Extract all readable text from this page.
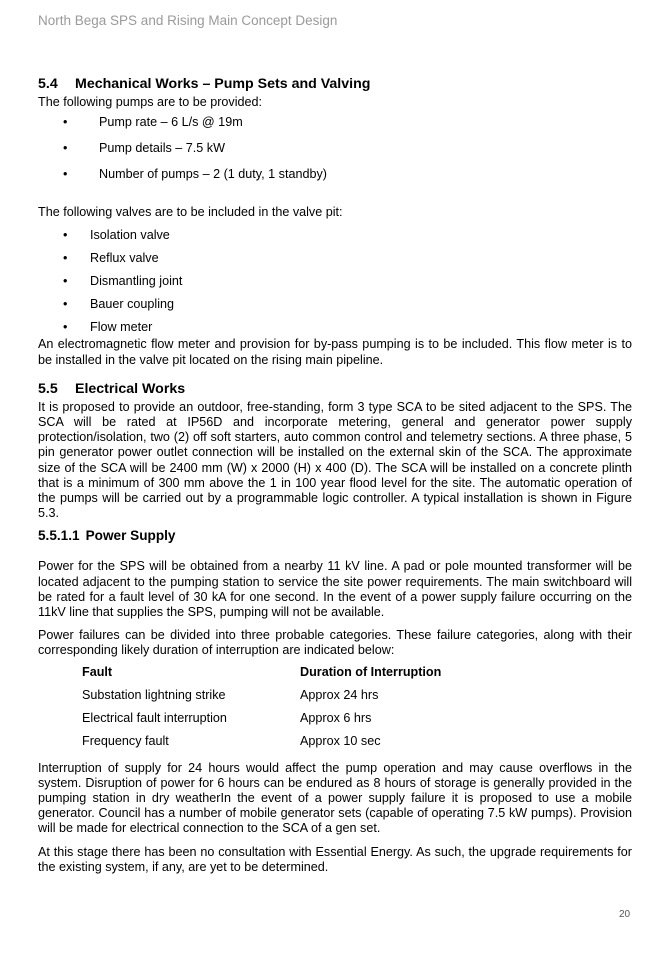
North Bega SPS and Rising Main Concept Design
5.4 Mechanical Works – Pump Sets and Valving

The following pumps are to be provided:

•	Pump rate – 6 L/s @ 19m
•	Pump details – 7.5 kW
•	Number of pumps – 2 (1 duty, 1 standby)

The following valves are to be included in the valve pit:

• Isolation valve
• Reflux valve
• Dismantling joint
• Bauer coupling
• Flow meter

An electromagnetic flow meter and provision for by-pass pumping is to be included. This flow meter is to be installed in the valve pit located on the rising main pipeline.

5.5 Electrical Works

It is proposed to provide an outdoor, free-standing, form 3 type SCA to be sited adjacent to the SPS. The SCA will be rated at IP56D and incorporate metering, general and generator power supply protection/isolation, two (2) off soft starters, auto common control and telemetry sections. A three phase, 5 pin generator power outlet connection will be installed on the external skin of the SCA. The approximate size of the SCA will be 2400 mm (W) x 2000 (H) x 400 (D). The SCA will be installed on a concrete plinth that is a minimum of 300 mm above the 1 in 100 year flood level for the site. The automatic operation of the pumps will be carried out by a programmable logic controller. A typical installation is shown in Figure 5.3.

5.5.1.1 Power Supply

Power for the SPS will be obtained from a nearby 11 kV line. A pad or pole mounted transformer will be located adjacent to the pumping station to service the site power requirements. The main switchboard will be rated for a fault level of 30 kA for one second. In the event of a power supply failure occurring on the 11kV line that supplies the SPS, pumping will not be available.

Power failures can be divided into three probable categories. These failure categories, along with their corresponding likely duration of interruption are indicated below:

Fault	Duration of Interruption
Substation lightning strike	Approx 24 hrs
Electrical fault interruption	Approx 6 hrs
Frequency fault	Approx 10 sec

Interruption of supply for 24 hours would affect the pump operation and may cause overflows in the system. Disruption of power for 6 hours can be endured as 8 hours of storage is generally provided in the pumping station in dry weatherIn the event of a power supply failure it is proposed to use a mobile generator. Council has a number of mobile generator sets (capable of operating 7.5 kW pumps). Provision will be made for electrical connection to the SCA of a gen set.

At this stage there has been no consultation with Essential Energy. As such, the upgrade requirements for the existing system, if any, are yet to be determined.

20
